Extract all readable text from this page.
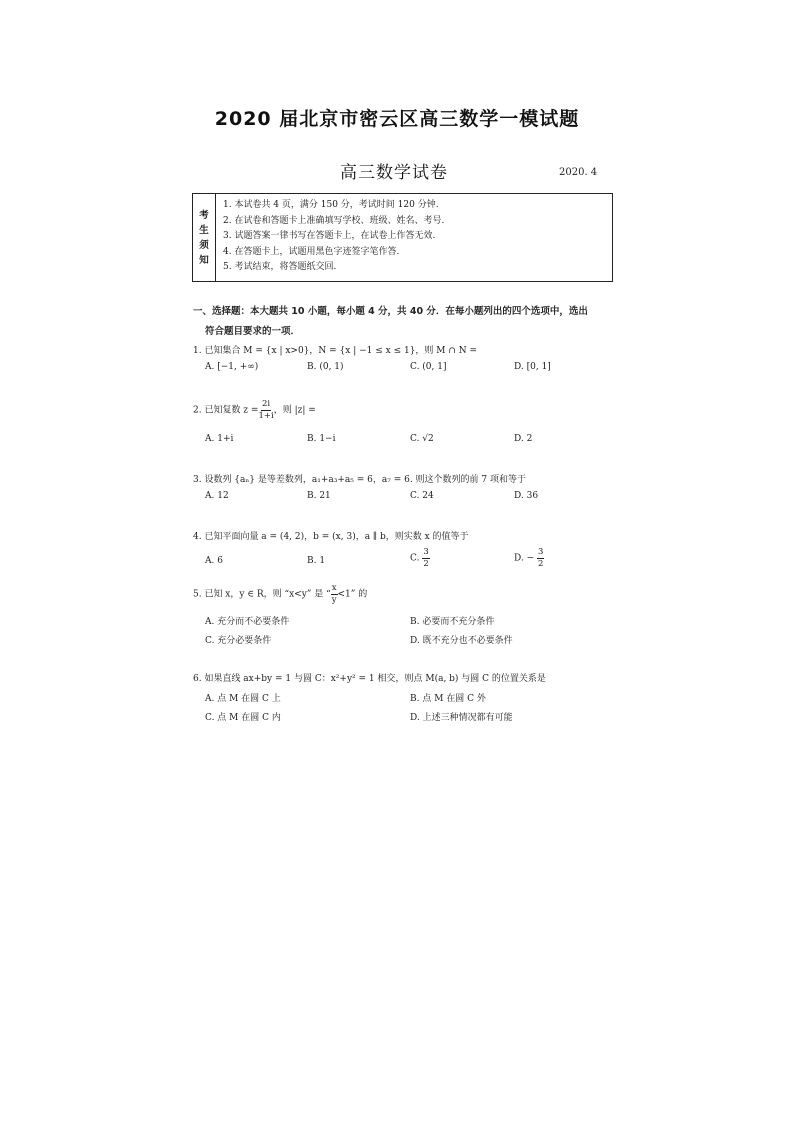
2020 届北京市密云区高三数学一模试题
高三数学试卷	2020. 4
考
生
须
知
1. 本试卷共 4 页，满分 150 分，考试时间 120 分钟.
2. 在试卷和答题卡上准确填写学校、班级、姓名、考号.
3. 试题答案一律书写在答题卡上，在试卷上作答无效.
4. 在答题卡上，试题用黑色字迹签字笔作答.
5. 考试结束，将答题纸交回.
一、选择题：本大题共 10 小题，每小题 4 分，共 40 分．在每小题列出的四个选项中，选出
符合题目要求的一项．
1. 已知集合 M = {x | x>0}，N = {x | −1 ≤ x ≤ 1}，则 M ∩ N =
A. [−1, +∞)	B. (0, 1)	C. (0, 1]	D. [0, 1]
2. 已知复数 $z = \frac{2i}{1+i}$ ，则 |z| =
A. 1+i	B. 1−i	C. √2	D. 2
3. 设数列 {aₙ} 是等差数列，a₁+a₃+a₅ = 6，a₇ = 6. 则这个数列的前 7 项和等于
A. 12	B. 21	C. 24	D. 36
4. 已知平面向量 a = (4, 2)，b = (x, 3)，a ∥ b，则实数 x 的值等于
A. 6	B. 1	C. $\frac{3}{2}$	D. − $\frac{3}{2}$
5. 已知 x，y ∈ R，则 “x<y” 是 “ $\frac{x}{y} <1$” 的
A. 充分而不必要条件	B. 必要而不充分条件
C. 充分必要条件	D. 既不充分也不必要条件
6. 如果直线 ax+by = 1 与圆 C：x²+y² = 1 相交，则点 M(a, b) 与圆 C 的位置关系是
A. 点 M 在圆 C 上	B. 点 M 在圆 C 外
C. 点 M 在圆 C 内	D. 上述三种情况都有可能
